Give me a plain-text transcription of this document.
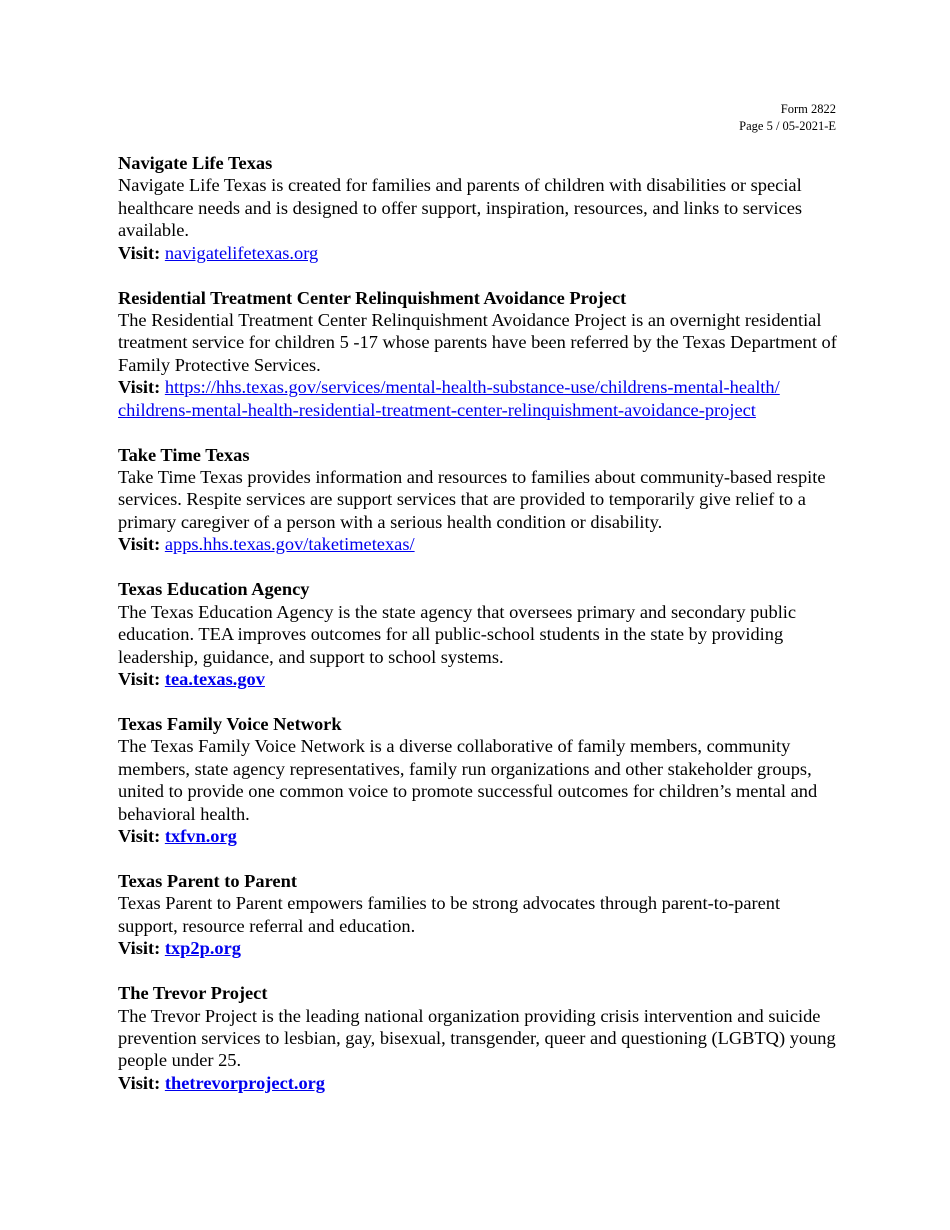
Form 2822
Page 5 / 05-2021-E
Navigate Life Texas

Navigate Life Texas is created for families and parents of children with disabilities or special healthcare needs and is designed to offer support, inspiration, resources, and links to services available.

Visit: navigatelifetexas.org
Residential Treatment Center Relinquishment Avoidance Project

The Residential Treatment Center Relinquishment Avoidance Project is an overnight residential treatment service for children 5 -17 whose parents have been referred by the Texas Department of Family Protective Services.

Visit: https://hhs.texas.gov/services/mental-health-substance-use/childrens-mental-health/
childrens-mental-health-residential-treatment-center-relinquishment-avoidance-project
Take Time Texas

Take Time Texas provides information and resources to families about community-based respite services. Respite services are support services that are provided to temporarily give relief to a primary caregiver of a person with a serious health condition or disability.

Visit: apps.hhs.texas.gov/taketimetexas/
Texas Education Agency

The Texas Education Agency is the state agency that oversees primary and secondary public education. TEA improves outcomes for all public-school students in the state by providing leadership, guidance, and support to school systems.

Visit: tea.texas.gov
Texas Family Voice Network

The Texas Family Voice Network is a diverse collaborative of family members, community members, state agency representatives, family run organizations and other stakeholder groups, united to provide one common voice to promote successful outcomes for children’s mental and behavioral health.

Visit: txfvn.org
Texas Parent to Parent

Texas Parent to Parent empowers families to be strong advocates through parent-to-parent support, resource referral and education.

Visit: txp2p.org
The Trevor Project

The Trevor Project is the leading national organization providing crisis intervention and suicide prevention services to lesbian, gay, bisexual, transgender, queer and questioning (LGBTQ) young people under 25.

Visit: thetrevorproject.org
